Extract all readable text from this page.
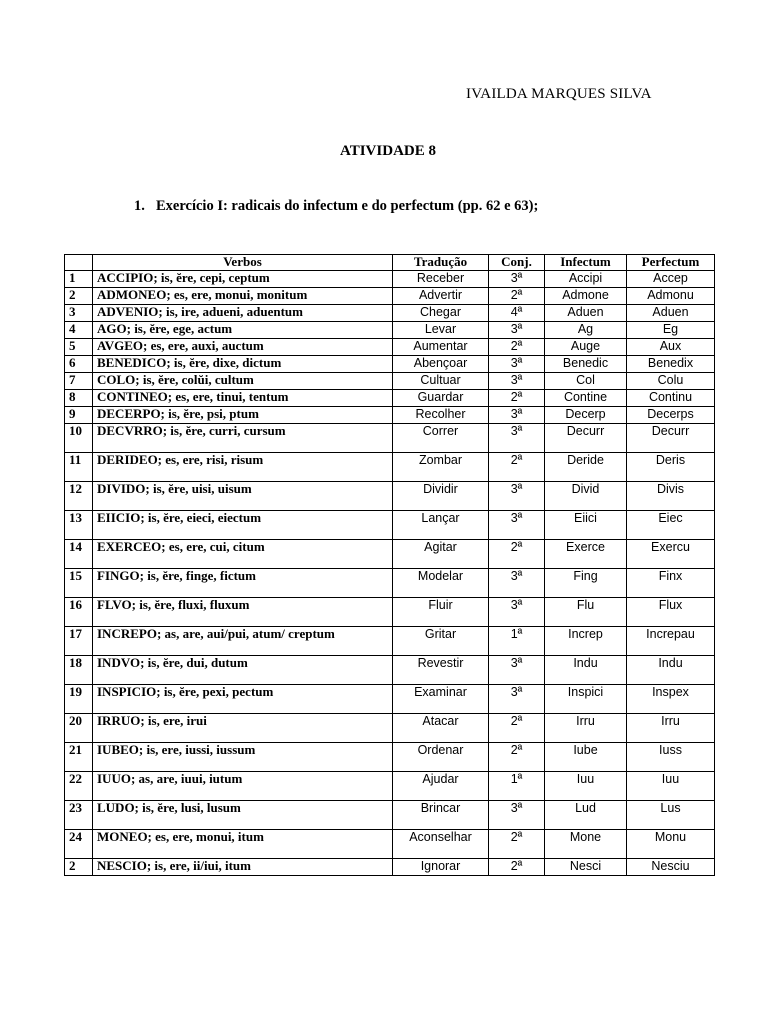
IVAILDA MARQUES SILVA
ATIVIDADE 8
1. Exercício I: radicais do infectum e do perfectum (pp. 62 e 63);
	Verbos	Tradução	Conj.	Infectum	Perfectum
1	ACCIPIO; is, ĕre, cepi, ceptum	Receber	3ª	Accipi	Accep
2	ADMONEO; es, ere, monui, monitum	Advertir	2ª	Admone	Admonu
3	ADVENIO; is, ire, adueni, aduentum	Chegar	4ª	Aduen	Aduen
4	AGO; is, ĕre, ege, actum	Levar	3ª	Ag	Eg
5	AVGEO; es, ere, auxi, auctum	Aumentar	2ª	Auge	Aux
6	BENEDICO; is, ĕre, dixe, dictum	Abençoar	3ª	Benedic	Benedix
7	COLO; is, ĕre, colŭi, cultum	Cultuar	3ª	Col	Colu
8	CONTINEO; es, ere, tinui, tentum	Guardar	2ª	Contine	Continu
9	DECERPO; is, ĕre, psi, ptum	Recolher	3ª	Decerp	Decerps
10	DECVRRO; is, ĕre, curri, cursum	Correr	3ª	Decurr	Decurr
11	DERIDEO; es, ere, risi, risum	Zombar	2ª	Deride	Deris
12	DIVIDO; is, ĕre, uisi, uisum	Dividir	3ª	Divid	Divis
13	EIICIO; is, ĕre, eieci, eiectum	Lançar	3ª	Eiici	Eiec
14	EXERCEO; es, ere, cui, citum	Agitar	2ª	Exerce	Exercu
15	FINGO; is, ĕre, finge, fictum	Modelar	3ª	Fing	Finx
16	FLVO; is, ĕre, fluxi, fluxum	Fluir	3ª	Flu	Flux
17	INCREPO; as, are, aui/pui, atum/ creptum	Gritar	1ª	Increp	Increpau
18	INDVO; is, ĕre, dui, dutum	Revestir	3ª	Indu	Indu
19	INSPICIO; is, ĕre, pexi, pectum	Examinar	3ª	Inspici	Inspex
20	IRRUO; is, ere, irui	Atacar	2ª	Irru	Irru
21	IUBEO; is, ere, iussi, iussum	Ordenar	2ª	Iube	Iuss
22	IUUO; as, are, iuui, iutum	Ajudar	1ª	Iuu	Iuu
23	LUDO; is, ĕre, lusi, lusum	Brincar	3ª	Lud	Lus
24	MONEO; es, ere, monui, itum	Aconselhar	2ª	Mone	Monu
2	NESCIO; is, ere, ii/iui, itum	Ignorar	2ª	Nesci	Nesciu
